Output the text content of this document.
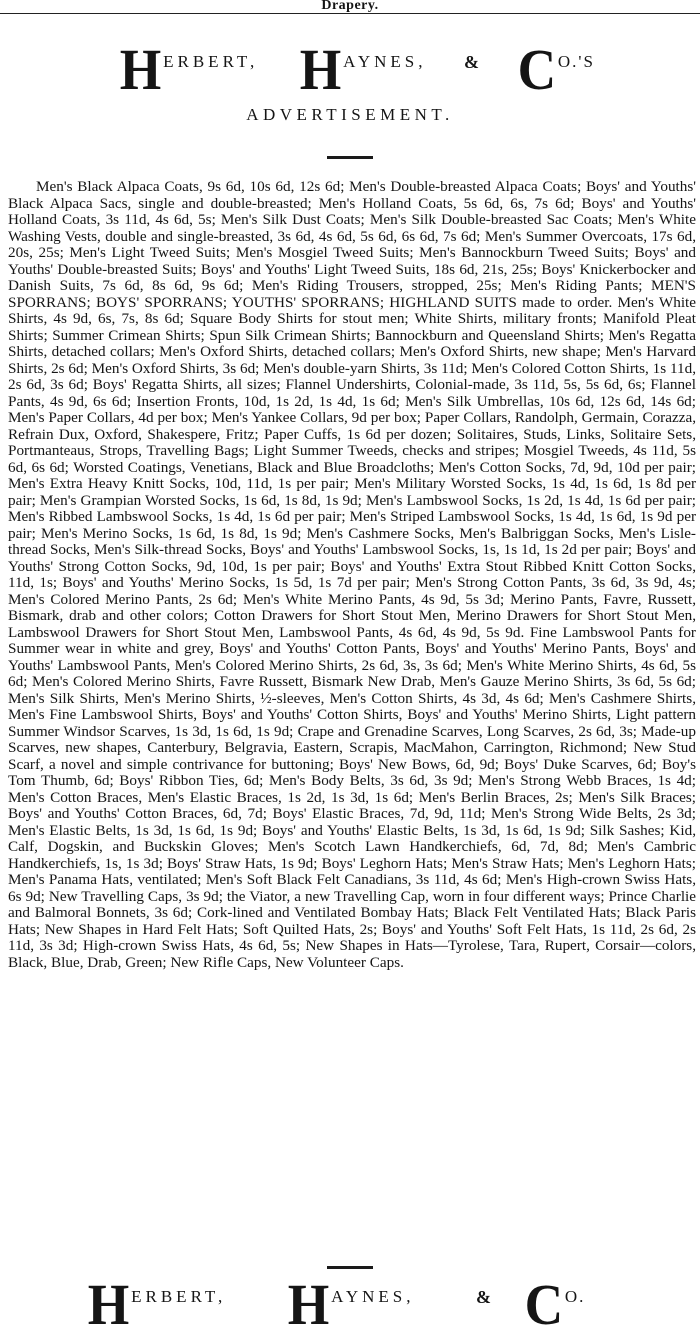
Drapery.
H ERBERT, H AYNES, & CO.'S
ADVERTISEMENT.

Men's Black Alpaca Coats, 9s 6d, 10s 6d, 12s 6d; Men's Double-breasted Alpaca Coats; Boys' and Youths' Black Alpaca Sacs, single and double-breasted; Men's Holland Coats, 5s 6d, 6s, 7s 6d; Boys' and Youths' Holland Coats, 3s 11d, 4s 6d, 5s; Men's Silk Dust Coats; Men's Silk Double-breasted Sac Coats; Men's White Washing Vests, double and single-breasted, 3s 6d, 4s 6d, 5s 6d, 6s 6d, 7s 6d; Men's Summer Overcoats, 17s 6d, 20s, 25s; Men's Light Tweed Suits; Men's Mosgiel Tweed Suits; Men's Bannockburn Tweed Suits; Boys' and Youths' Double-breasted Suits; Boys' and Youths' Light Tweed Suits, 18s 6d, 21s, 25s; Boys' Knickerbocker and Danish Suits, 7s 6d, 8s 6d, 9s 6d; Men's Riding Trousers, stropped, 25s; Men's Riding Pants; MEN'S SPORRANS; BOYS' SPORRANS; YOUTHS' SPORRANS; HIGHLAND SUITS made to order. Men's White Shirts, 4s 9d, 6s, 7s, 8s 6d; Square Body Shirts for stout men; White Shirts, military fronts; Manifold Pleat Shirts; Summer Crimean Shirts; Spun Silk Crimean Shirts; Bannockburn and Queensland Shirts; Men's Regatta Shirts, detached collars; Men's Oxford Shirts, detached collars; Men's Oxford Shirts, new shape; Men's Harvard Shirts, 2s 6d; Men's Oxford Shirts, 3s 6d; Men's double-yarn Shirts, 3s 11d; Men's Colored Cotton Shirts, 1s 11d, 2s 6d, 3s 6d; Boys' Regatta Shirts, all sizes; Flannel Undershirts, Colonial-made, 3s 11d, 5s, 5s 6d, 6s; Flannel Pants, 4s 9d, 6s 6d; Insertion Fronts, 10d, 1s 2d, 1s 4d, 1s 6d; Men's Silk Umbrellas, 10s 6d, 12s 6d, 14s 6d; Men's Paper Collars, 4d per box; Men's Yankee Collars, 9d per box; Paper Collars, Randolph, Germain, Corazza, Refrain Dux, Oxford, Shakespere, Fritz; Paper Cuffs, 1s 6d per dozen; Solitaires, Studs, Links, Solitaire Sets, Portmanteaus, Strops, Travelling Bags; Light Summer Tweeds, checks and stripes; Mosgiel Tweeds, 4s 11d, 5s 6d, 6s 6d; Worsted Coatings, Venetians, Black and Blue Broadcloths; Men's Cotton Socks, 7d, 9d, 10d per pair; Men's Extra Heavy Knitt Socks, 10d, 11d, 1s per pair; Men's Military Worsted Socks, 1s 4d, 1s 6d, 1s 8d per pair; Men's Grampian Worsted Socks, 1s 6d, 1s 8d, 1s 9d; Men's Lambswool Socks, 1s 2d, 1s 4d, 1s 6d per pair; Men's Ribbed Lambswool Socks, 1s 4d, 1s 6d per pair; Men's Striped Lambswool Socks, 1s 4d, 1s 6d, 1s 9d per pair; Men's Merino Socks, 1s 6d, 1s 8d, 1s 9d; Men's Cashmere Socks, Men's Balbriggan Socks, Men's Lisle-thread Socks, Men's Silk-thread Socks, Boys' and Youths' Lambswool Socks, 1s, 1s 1d, 1s 2d per pair; Boys' and Youths' Strong Cotton Socks, 9d, 10d, 1s per pair; Boys' and Youths' Extra Stout Ribbed Knitt Cotton Socks, 11d, 1s; Boys' and Youths' Merino Socks, 1s 5d, 1s 7d per pair; Men's Strong Cotton Pants, 3s 6d, 3s 9d, 4s; Men's Colored Merino Pants, 2s 6d; Men's White Merino Pants, 4s 9d, 5s 3d; Merino Pants, Favre, Russett, Bismark, drab and other colors; Cotton Drawers for Short Stout Men, Merino Drawers for Short Stout Men, Lambswool Drawers for Short Stout Men, Lambswool Pants, 4s 6d, 4s 9d, 5s 9d. Fine Lambswool Pants for Summer wear in white and grey, Boys' and Youths' Cotton Pants, Boys' and Youths' Merino Pants, Boys' and Youths' Lambswool Pants, Men's Colored Merino Shirts, 2s 6d, 3s, 3s 6d; Men's White Merino Shirts, 4s 6d, 5s 6d; Men's Colored Merino Shirts, Favre Russett, Bismark New Drab, Men's Gauze Merino Shirts, 3s 6d, 5s 6d; Men's Silk Shirts, Men's Merino Shirts, ½-sleeves, Men's Cotton Shirts, 4s 3d, 4s 6d; Men's Cashmere Shirts, Men's Fine Lambswool Shirts, Boys' and Youths' Cotton Shirts, Boys' and Youths' Merino Shirts, Light pattern Summer Windsor Scarves, 1s 3d, 1s 6d, 1s 9d; Crape and Grenadine Scarves, Long Scarves, 2s 6d, 3s; Made-up Scarves, new shapes, Canterbury, Belgravia, Eastern, Scrapis, MacMahon, Carrington, Richmond; New Stud Scarf, a novel and simple contrivance for buttoning; Boys' New Bows, 6d, 9d; Boys' Duke Scarves, 6d; Boy's Tom Thumb, 6d; Boys' Ribbon Ties, 6d; Men's Body Belts, 3s 6d, 3s 9d; Men's Strong Webb Braces, 1s 4d; Men's Cotton Braces, Men's Elastic Braces, 1s 2d, 1s 3d, 1s 6d; Men's Berlin Braces, 2s; Men's Silk Braces; Boys' and Youths' Cotton Braces, 6d, 7d; Boys' Elastic Braces, 7d, 9d, 11d; Men's Strong Wide Belts, 2s 3d; Men's Elastic Belts, 1s 3d, 1s 6d, 1s 9d; Boys' and Youths' Elastic Belts, 1s 3d, 1s 6d, 1s 9d; Silk Sashes; Kid, Calf, Dogskin, and Buckskin Gloves; Men's Scotch Lawn Handkerchiefs, 6d, 7d, 8d; Men's Cambric Handkerchiefs, 1s, 1s 3d; Boys' Straw Hats, 1s 9d; Boys' Leghorn Hats; Men's Straw Hats; Men's Leghorn Hats; Men's Panama Hats, ventilated; Men's Soft Black Felt Canadians, 3s 11d, 4s 6d; Men's High-crown Swiss Hats, 6s 9d; New Travelling Caps, 3s 9d; the Viator, a new Travelling Cap, worn in four different ways; Prince Charlie and Balmoral Bonnets, 3s 6d; Cork-lined and Ventilated Bombay Hats; Black Felt Ventilated Hats; Black Paris Hats; New Shapes in Hard Felt Hats; Soft Quilted Hats, 2s; Boys' and Youths' Soft Felt Hats, 1s 11d, 2s 6d, 2s 11d, 3s 3d; High-crown Swiss Hats, 4s 6d, 5s; New Shapes in Hats—Tyrolese, Tara, Rupert, Corsair—colors, Black, Blue, Drab, Green; New Rifle Caps, New Volunteer Caps.

H ERBERT, H AYNES,	& CO.
